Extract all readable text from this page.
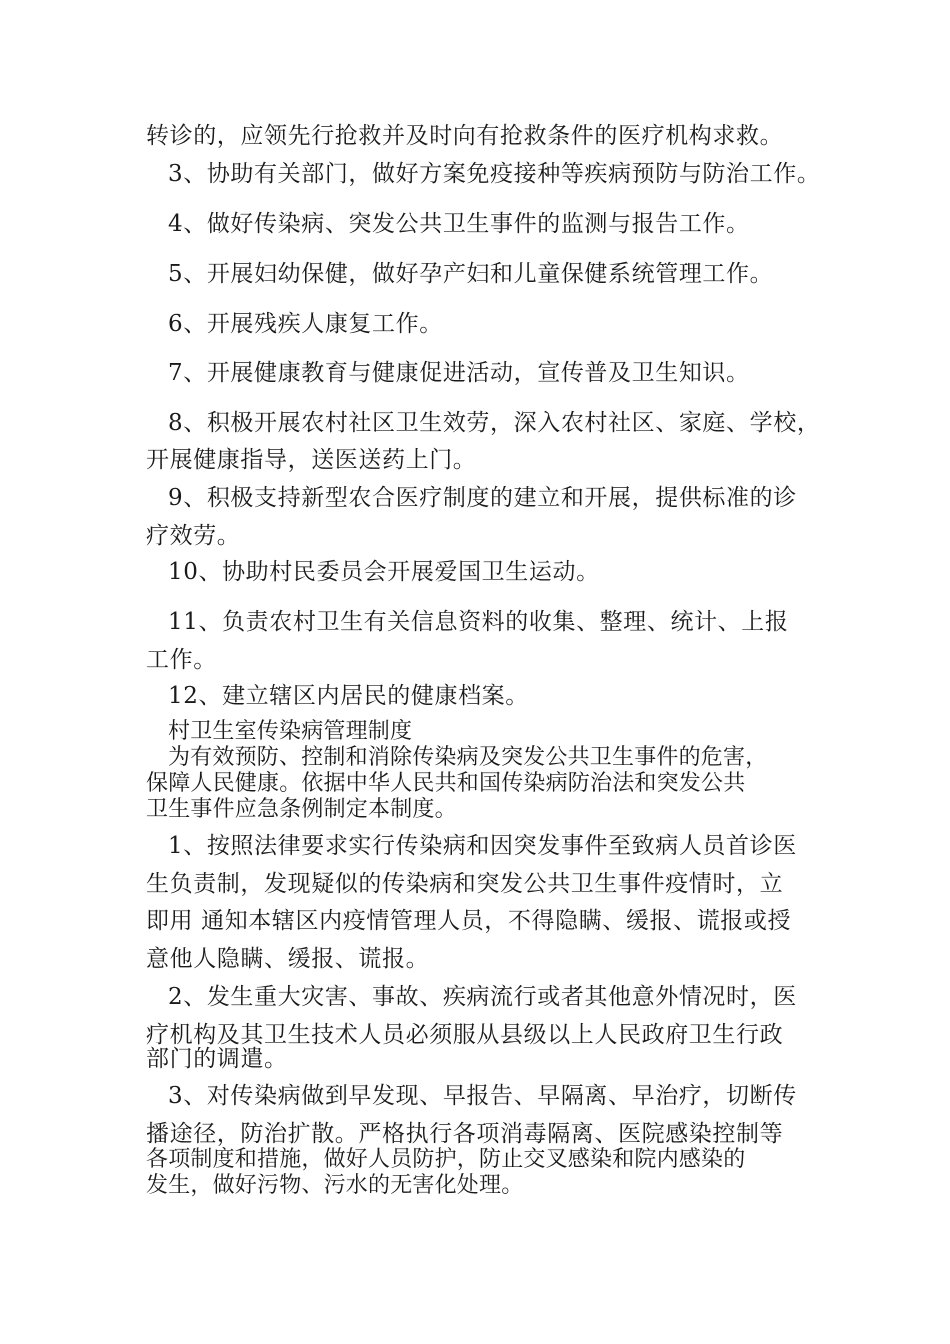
转诊的，应领先行抢救并及时向有抢救条件的医疗机构求救。
3、协助有关部门，做好方案免疫接种等疾病预防与防治工作。
4、做好传染病、突发公共卫生事件的监测与报告工作。
5、开展妇幼保健，做好孕产妇和儿童保健系统管理工作。
6、开展残疾人康复工作。
7、开展健康教育与健康促进活动，宣传普及卫生知识。
8、积极开展农村社区卫生效劳，深入农村社区、家庭、学校，
开展健康指导，送医送药上门。
9、积极支持新型农合医疗制度的建立和开展，提供标准的诊
疗效劳。
10、协助村民委员会开展爱国卫生运动。
11、负责农村卫生有关信息资料的收集、整理、统计、上报
工作。
12、建立辖区内居民的健康档案。
村卫生室传染病管理制度
为有效预防、控制和消除传染病及突发公共卫生事件的危害，
保障人民健康。依据中华人民共和国传染病防治法和突发公共
卫生事件应急条例制定本制度。
1、按照法律要求实行传染病和因突发事件至致病人员首诊医
生负责制，发现疑似的传染病和突发公共卫生事件疫情时，立
即用 通知本辖区内疫情管理人员，不得隐瞒、缓报、谎报或授
意他人隐瞒、缓报、谎报。
2、发生重大灾害、事故、疾病流行或者其他意外情况时，医
疗机构及其卫生技术人员必须服从县级以上人民政府卫生行政
部门的调遣。
3、对传染病做到早发现、早报告、早隔离、早治疗，切断传
播途径，防治扩散。严格执行各项消毒隔离、医院感染控制等
各项制度和措施，做好人员防护，防止交叉感染和院内感染的
发生，做好污物、污水的无害化处理。
